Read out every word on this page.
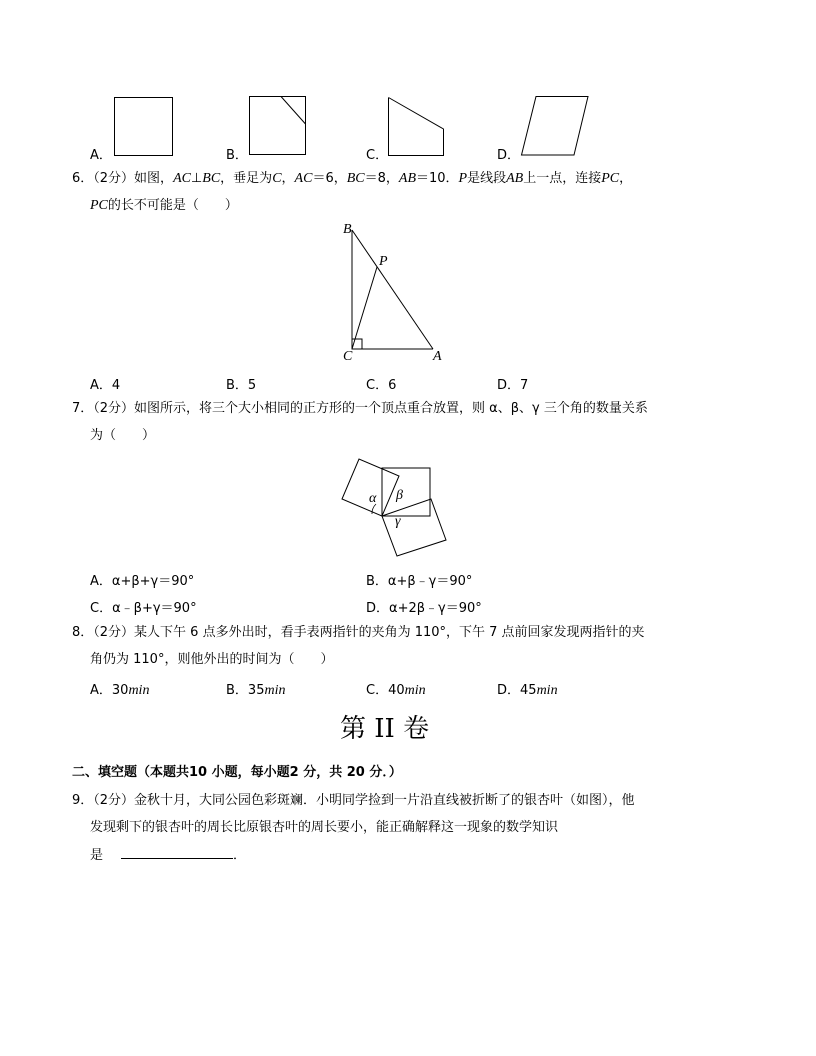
A．	B．	C．	D．
6．（2分）如图，AC⊥BC，垂足为C，AC＝6，BC＝8，AB＝10．P是线段AB上一点，连接PC，
PC的长不可能是（　　）
B
P
C	A
A．4	B．5	C．6	D．7
7．（2分）如图所示，将三个大小相同的正方形的一个顶点重合放置，则 α、β、γ 三个角的数量关系
为（　　）
α β
γ
A．α+β+γ＝90°	B．α+β﹣γ＝90°
C．α﹣β+γ＝90°	D．α+2β﹣γ＝90°
8．（2分）某人下午 6 点多外出时，看手表两指针的夹角为 110°，下午 7 点前回家发现两指针的夹
角仍为 110°，则他外出的时间为（　　）
A．30min	B．35min	C．40min	D．45min
第 II 卷
二、填空题（本题共10 小题，每小题2 分，共 20 分．）
9．（2分）金秋十月，大同公园色彩斑斓．小明同学捡到一片沿直线被折断了的银杏叶（如图），他
发现剩下的银杏叶的周长比原银杏叶的周长要小，能正确解释这一现象的数学知识
是	．
